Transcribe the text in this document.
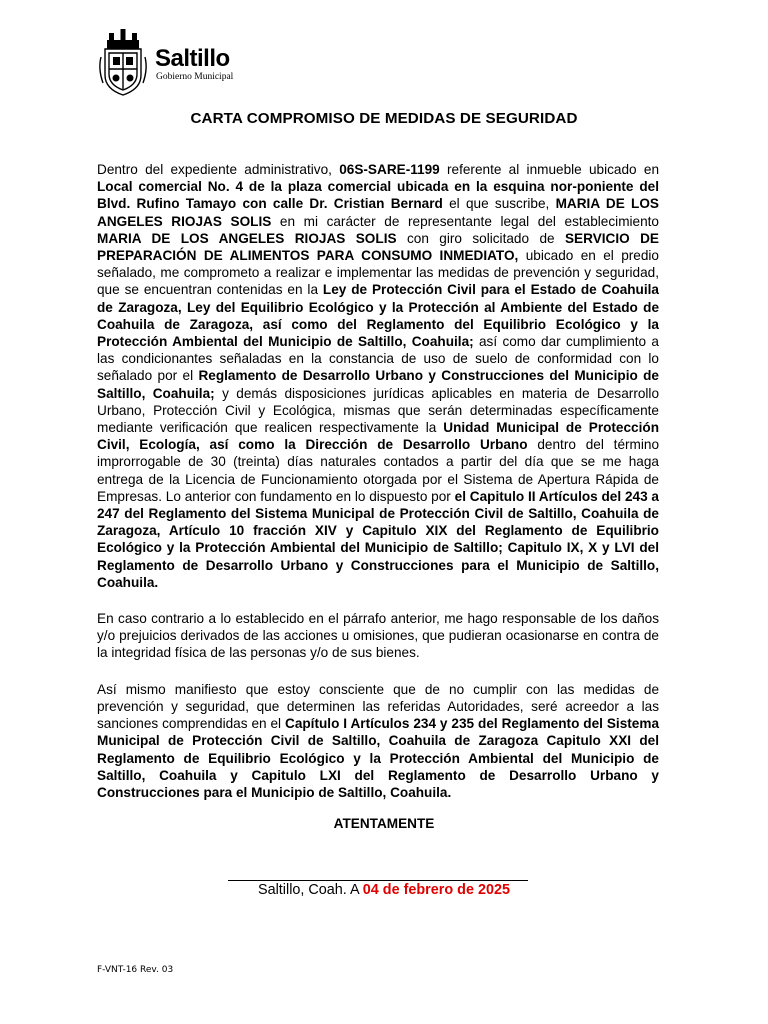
Saltillo
Gobierno Municipal
CARTA COMPROMISO DE MEDIDAS DE SEGURIDAD

Dentro del expediente administrativo, 06S-SARE-1199 referente al inmueble ubicado en Local comercial No. 4 de la plaza comercial ubicada en la esquina nor-poniente del Blvd. Rufino Tamayo con calle Dr. Cristian Bernard el que suscribe, MARIA DE LOS ANGELES RIOJAS SOLIS en mi carácter de representante legal del establecimiento MARIA DE LOS ANGELES RIOJAS SOLIS con giro solicitado de SERVICIO DE PREPARACIÓN DE ALIMENTOS PARA CONSUMO INMEDIATO, ubicado en el predio señalado, me comprometo a realizar e implementar las medidas de prevención y seguridad, que se encuentran contenidas en la Ley de Protección Civil para el Estado de Coahuila de Zaragoza, Ley del Equilibrio Ecológico y la Protección al Ambiente del Estado de Coahuila de Zaragoza, así como del Reglamento del Equilibrio Ecológico y la Protección Ambiental del Municipio de Saltillo, Coahuila; así como dar cumplimiento a las condicionantes señaladas en la constancia de uso de suelo de conformidad con lo señalado por el Reglamento de Desarrollo Urbano y Construcciones del Municipio de Saltillo, Coahuila; y demás disposiciones jurídicas aplicables en materia de Desarrollo Urbano, Protección Civil y Ecológica, mismas que serán determinadas específicamente mediante verificación que realicen respectivamente la Unidad Municipal de Protección Civil, Ecología, así como la Dirección de Desarrollo Urbano dentro del término improrrogable de 30 (treinta) días naturales contados a partir del día que se me haga entrega de la Licencia de Funcionamiento otorgada por el Sistema de Apertura Rápida de Empresas. Lo anterior con fundamento en lo dispuesto por el Capitulo II Artículos del 243 a 247 del Reglamento del Sistema Municipal de Protección Civil de Saltillo, Coahuila de Zaragoza, Artículo 10 fracción XIV y Capitulo XIX del Reglamento de Equilibrio Ecológico y la Protección Ambiental del Municipio de Saltillo; Capitulo IX, X y LVI del Reglamento de Desarrollo Urbano y Construcciones para el Municipio de Saltillo, Coahuila.

En caso contrario a lo establecido en el párrafo anterior, me hago responsable de los daños y/o prejuicios derivados de las acciones u omisiones, que pudieran ocasionarse en contra de la integridad física de las personas y/o de sus bienes.

Así mismo manifiesto que estoy consciente que de no cumplir con las medidas de prevención y seguridad, que determinen las referidas Autoridades, seré acreedor a las sanciones comprendidas en el Capítulo I Artículos 234 y 235 del Reglamento del Sistema Municipal de Protección Civil de Saltillo, Coahuila de Zaragoza Capitulo XXI del Reglamento de Equilibrio Ecológico y la Protección Ambiental del Municipio de Saltillo, Coahuila y Capitulo LXI del Reglamento de Desarrollo Urbano y Construcciones para el Municipio de Saltillo, Coahuila.

ATENTAMENTE
Saltillo, Coah. A 04 de febrero de 2025
F-VNT-16 Rev. 03
